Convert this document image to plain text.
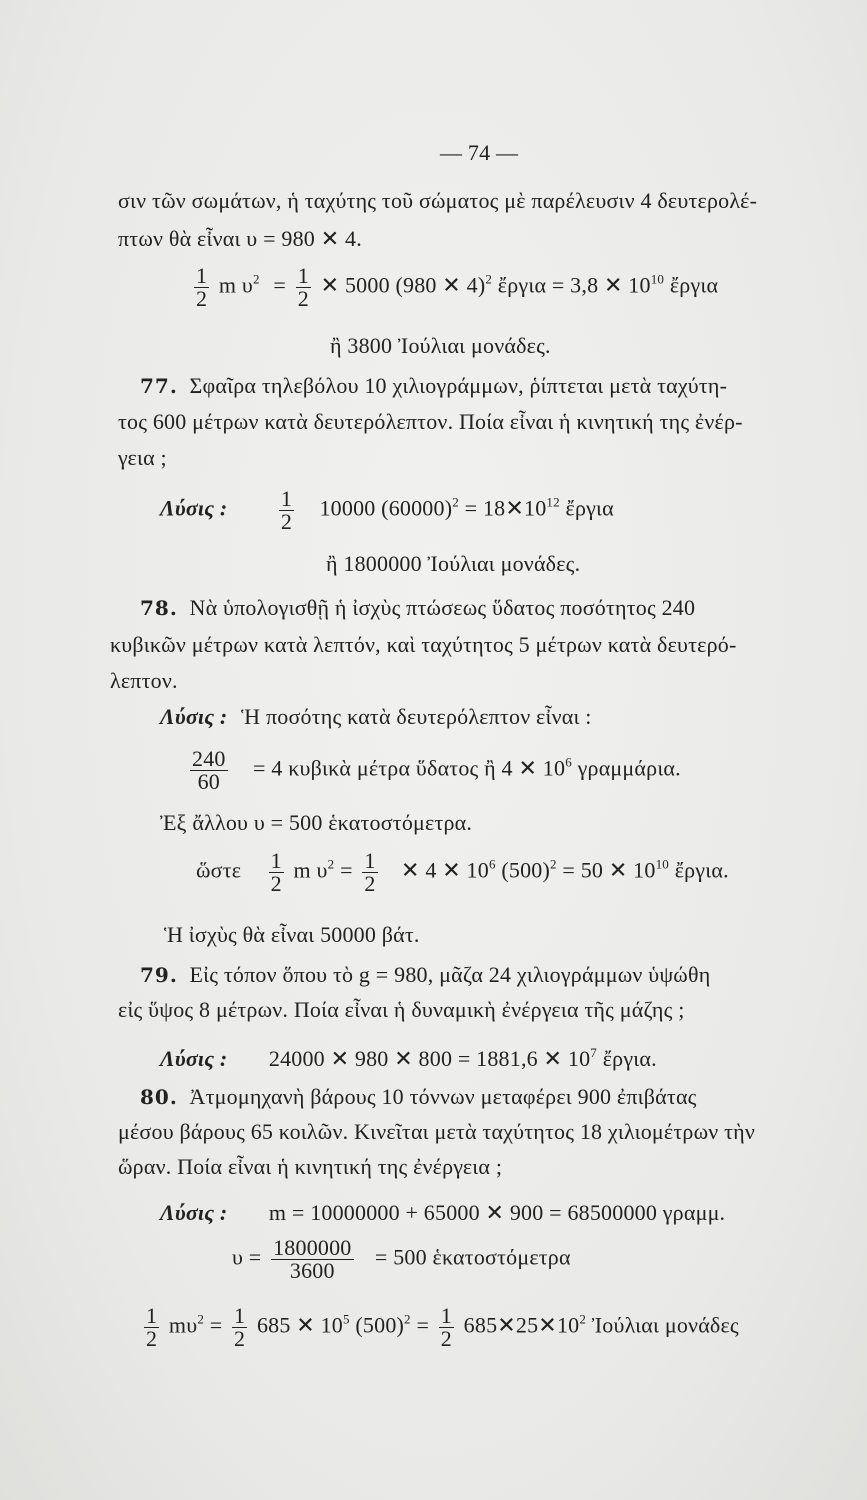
— 74 —
σιν τῶν σωμάτων, ἡ ταχύτης τοῦ σώματος μὲ παρέλευσιν 4 δευτερολέ-
πτων θὰ εἶναι υ = 980 ✕ 4.
$\frac{1}{2}$ m $\upsilon^2 = \frac{1}{2}$ ✕ 5000 (980 ✕ 4)$^2$ ἔργια = 3,8 ✕ $10^{10}$ ἔργια
ἢ 3800 Ἰούλιαι μονάδες.
77. Σφαῖρα τηλεβόλου 10 χιλιογράμμων, ῥίπτεται μετὰ ταχύτη-
τος 600 μέτρων κατὰ δευτερόλεπτον. Ποία εἶναι ἡ κινητική της ἐνέρ-
γεια ;
Λύσις : $\frac{1}{2} 10000$ $(60000)^2$ = $18✕10^{12}$ ἔργια
ἢ 1800000 Ἰούλιαι μονάδες.
78. Νὰ ὑπολογισθῇ ἡ ἰσχὺς πτώσεως ὕδατος ποσότητος 240
κυβικῶν μέτρων κατὰ λεπτόν, καὶ ταχύτητος 5 μέτρων κατὰ δευτερό-
λεπτον.
Λύσις : Ἡ ποσότης κατὰ δευτερόλεπτον εἶναι :
$\frac{240}{60} = 4$ κυβικὰ μέτρα ὕδατος ἢ 4 ✕ $10^6$ γραμμάρια.
Ἐξ ἄλλου υ = 500 ἑκατοστόμετρα.
ὥστε $\frac{1}{2}$ m $\upsilon^2 = \frac{1}{2}$ ✕ 4 ✕ $10^6$ $(500)^2 = 50$ ✕ $10^{10}$ ἔργια.
Ἡ ἰσχὺς θὰ εἶναι 50000 βάτ.
79. Εἰς τόπον ὅπου τὸ g = 980, μᾶζα 24 χιλιογράμμων ὑψώθη
εἰς ὕψος 8 μέτρων. Ποία εἶναι ἡ δυναμικὴ ἐνέργεια τῆς μάζης ;
Λύσις : 24000 ✕ 980 ✕ 800 = 1881,6 ✕ $10^7$ ἔργια.
80. Ἀτμομηχανὴ βάρους 10 τόννων μεταφέρει 900 ἐπιβάτας
μέσου βάρους 65 κοιλῶν. Κινεῖται μετὰ ταχύτητος 18 χιλιομέτρων τὴν
ὥραν. Ποία εἶναι ἡ κινητική της ἐνέργεια ;
Λύσις : m = 10000000 + 65000 ✕ 900 = 68500000 γραμμ.
$\upsilon = \frac{1800000}{3600} = 500$ ἑκατοστόμετρα
$\frac{1}{2} m\upsilon^2 = \frac{1}{2} 685$ ✕ $10^5$ $(500)^2 = \frac{1}{2}$ $685✕25✕10^2$ Ἰούλιαι μονάδες
